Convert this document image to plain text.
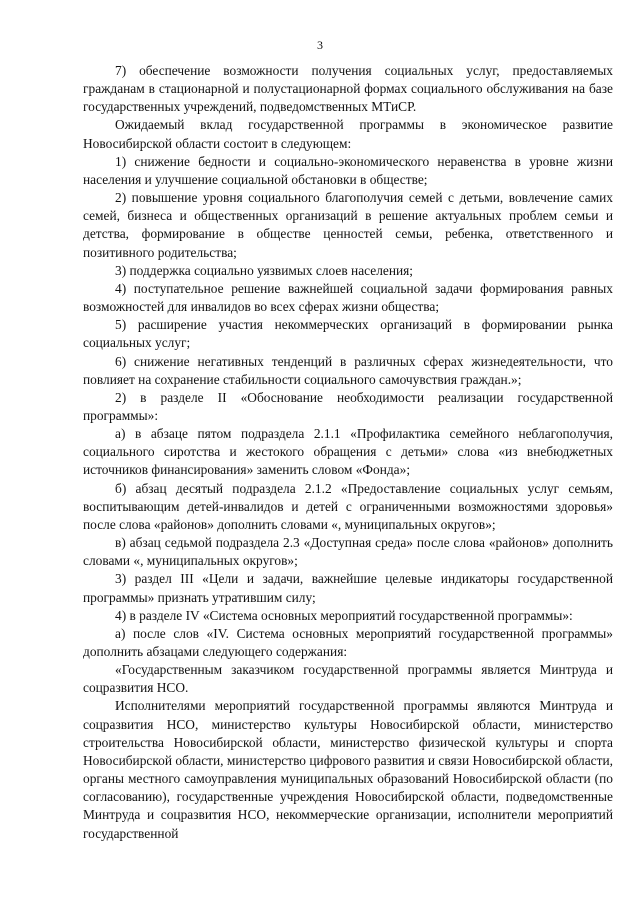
3

7) обеспечение возможности получения социальных услуг, предоставляемых гражданам в стационарной и полустационарной формах социального обслуживания на базе государственных учреждений, подведомственных МТиСР.

Ожидаемый вклад государственной программы в экономическое развитие Новосибирской области состоит в следующем:

1) снижение бедности и социально-экономического неравенства в уровне жизни населения и улучшение социальной обстановки в обществе;

2) повышение уровня социального благополучия семей с детьми, вовлечение самих семей, бизнеса и общественных организаций в решение актуальных проблем семьи и детства, формирование в обществе ценностей семьи, ребенка, ответственного и позитивного родительства;

3) поддержка социально уязвимых слоев населения;

4) поступательное решение важнейшей социальной задачи формирования равных возможностей для инвалидов во всех сферах жизни общества;

5) расширение участия некоммерческих организаций в формировании рынка социальных услуг;

6) снижение негативных тенденций в различных сферах жизнедеятельности, что повлияет на сохранение стабильности социального самочувствия граждан.»;

2) в разделе II «Обоснование необходимости реализации государственной программы»:

а) в абзаце пятом подраздела 2.1.1 «Профилактика семейного неблагополучия, социального сиротства и жестокого обращения с детьми» слова «из внебюджетных источников финансирования» заменить словом «Фонда»;

б) абзац десятый подраздела 2.1.2 «Предоставление социальных услуг семьям, воспитывающим детей-инвалидов и детей с ограниченными возможностями здоровья» после слова «районов» дополнить словами «, муниципальных округов»;

в) абзац седьмой подраздела 2.3 «Доступная среда» после слова «районов» дополнить словами «, муниципальных округов»;

3) раздел III «Цели и задачи, важнейшие целевые индикаторы государственной программы» признать утратившим силу;

4) в разделе IV «Система основных мероприятий государственной программы»:

а) после слов «IV. Система основных мероприятий государственной программы» дополнить абзацами следующего содержания:

«Государственным заказчиком государственной программы является Минтруда и соцразвития НСО.

Исполнителями мероприятий государственной программы являются Минтруда и соцразвития НСО, министерство культуры Новосибирской области, министерство строительства Новосибирской области, министерство физической культуры и спорта Новосибирской области, министерство цифрового развития и связи Новосибирской области, органы местного самоуправления муниципальных образований Новосибирской области (по согласованию), государственные учреждения Новосибирской области, подведомственные Минтруда и соцразвития НСО, некоммерческие организации, исполнители мероприятий государственной
